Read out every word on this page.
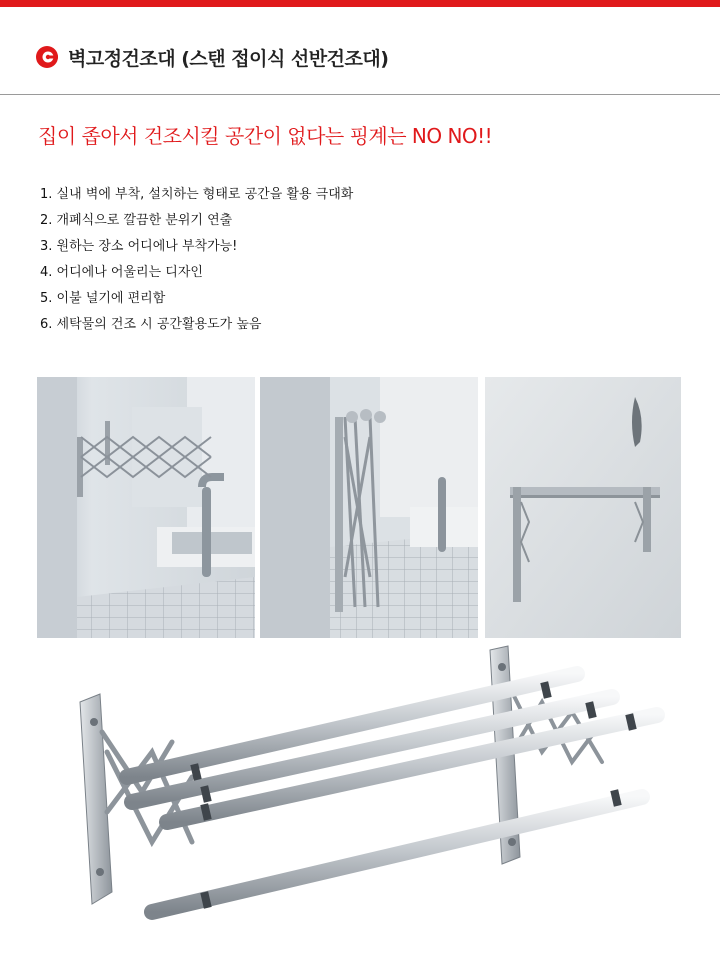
벽고정건조대 (스탠 접이식 선반건조대)
집이 좁아서 건조시킬 공간이 없다는 핑계는 NO NO!!
1. 실내 벽에 부착, 설치하는 형태로 공간을 활용 극대화
2. 개폐식으로 깔끔한 분위기 연출
3. 원하는 장소 어디에나 부착가능!
4. 어디에나 어울리는 디자인
5. 이불 널기에 편리함
6. 세탁물의 건조 시 공간활용도가 높음
